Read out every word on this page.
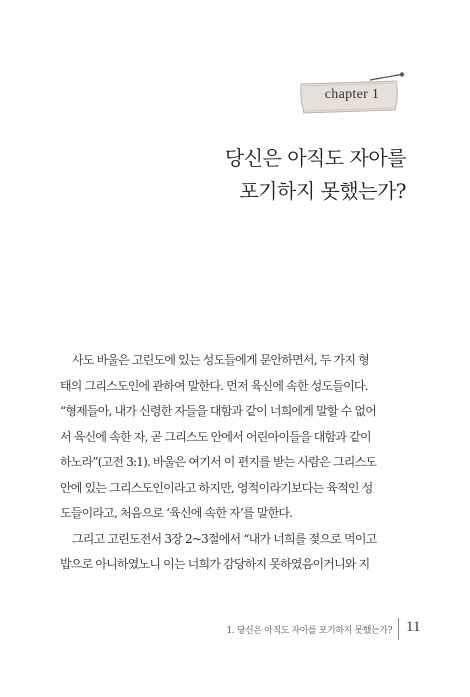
chapter 1
당신은 아직도 자아를
포기하지 못했는가?
사도 바울은 고린도에 있는 성도들에게 문안하면서, 두 가지 형
태의 그리스도인에 관하여 말한다. 먼저 육신에 속한 성도들이다.
“형제들아, 내가 신령한 자들을 대함과 같이 너희에게 말할 수 없어
서 육신에 속한 자, 곧 그리스도 안에서 어린아이들을 대함과 같이
하노라”(고전 3:1). 바울은 여기서 이 편지를 받는 사람은 그리스도
안에 있는 그리스도인이라고 하지만, 영적이라기보다는 육적인 성
도들이라고, 처음으로 ‘육신에 속한 자’를 말한다.
그리고 고린도전서 3장 2~3절에서 “내가 너희를 젖으로 먹이고
밥으로 아니하였노니 이는 너희가 감당하지 못하였음이거니와 지
1. 당신은 아직도 자아를 포기하지 못했는가? 11
